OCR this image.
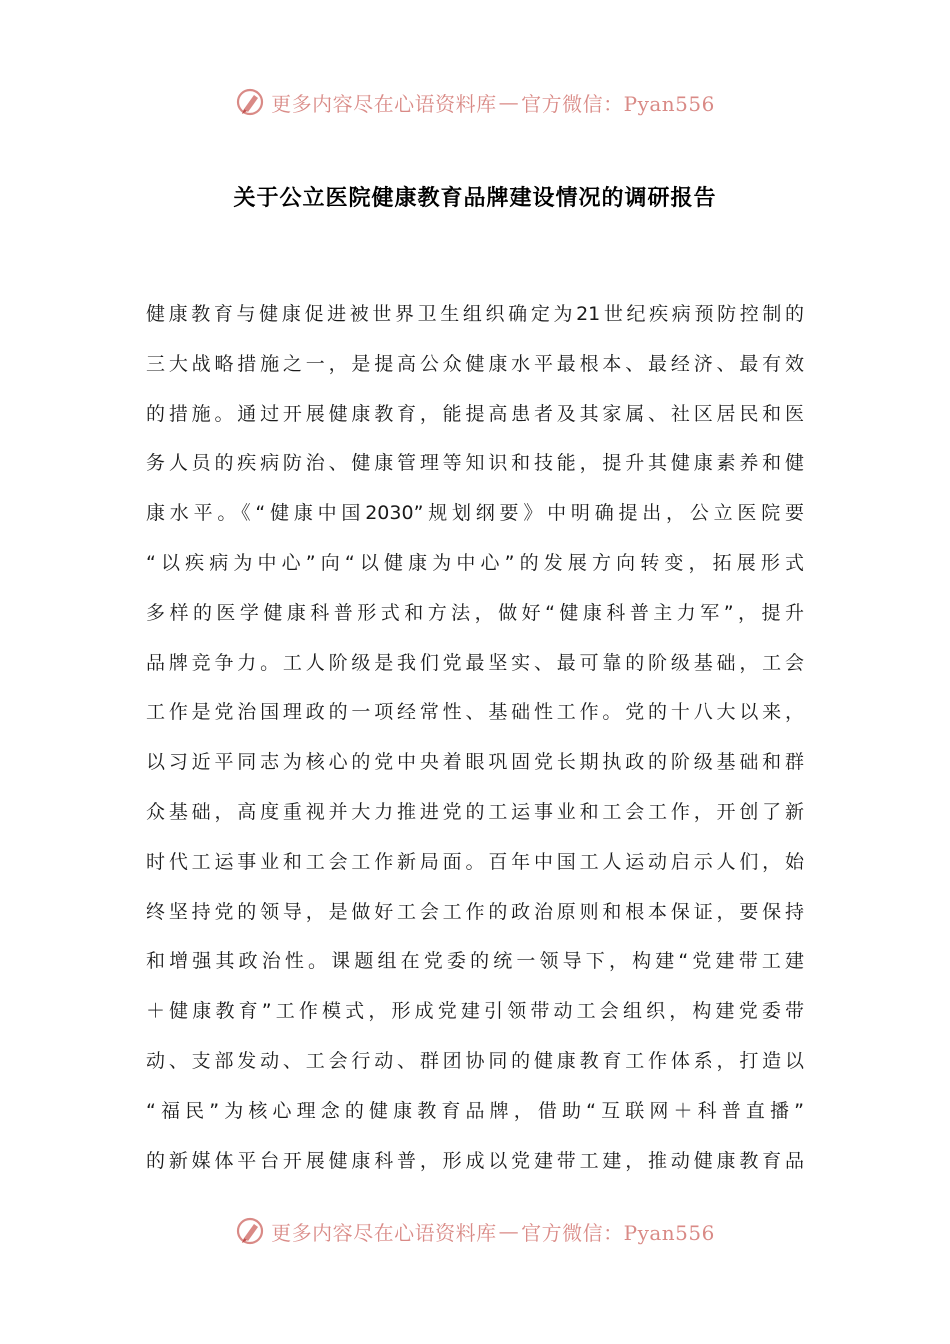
更多内容尽在心语资料库 — 官方微信：Pyan556
关于公立医院健康教育品牌建设情况的调研报告
健康教育与健康促进被世界卫生组织确定为21世纪疾病预防控制的
三大战略措施之一，是提高公众健康水平最根本、最经济、最有效
的措施。通过开展健康教育，能提高患者及其家属、社区居民和医
务人员的疾病防治、健康管理等知识和技能，提升其健康素养和健
康水平。《“健康中国2030”规划纲要》中明确提出，公立医院要
“以疾病为中心”向“以健康为中心”的发展方向转变，拓展形式
多样的医学健康科普形式和方法，做好“健康科普主力军”，提升
品牌竞争力。工人阶级是我们党最坚实、最可靠的阶级基础，工会
工作是党治国理政的一项经常性、基础性工作。党的十八大以来，
以习近平同志为核心的党中央着眼巩固党长期执政的阶级基础和群
众基础，高度重视并大力推进党的工运事业和工会工作，开创了新
时代工运事业和工会工作新局面。百年中国工人运动启示人们，始
终坚持党的领导，是做好工会工作的政治原则和根本保证，要保持
和增强其政治性。课题组在党委的统一领导下，构建“党建带工建
＋健康教育”工作模式，形成党建引领带动工会组织，构建党委带
动、支部发动、工会行动、群团协同的健康教育工作体系，打造以
“福民”为核心理念的健康教育品牌，借助“互联网＋科普直播”
的新媒体平台开展健康科普，形成以党建带工建，推动健康教育品
更多内容尽在心语资料库 — 官方微信：Pyan556
